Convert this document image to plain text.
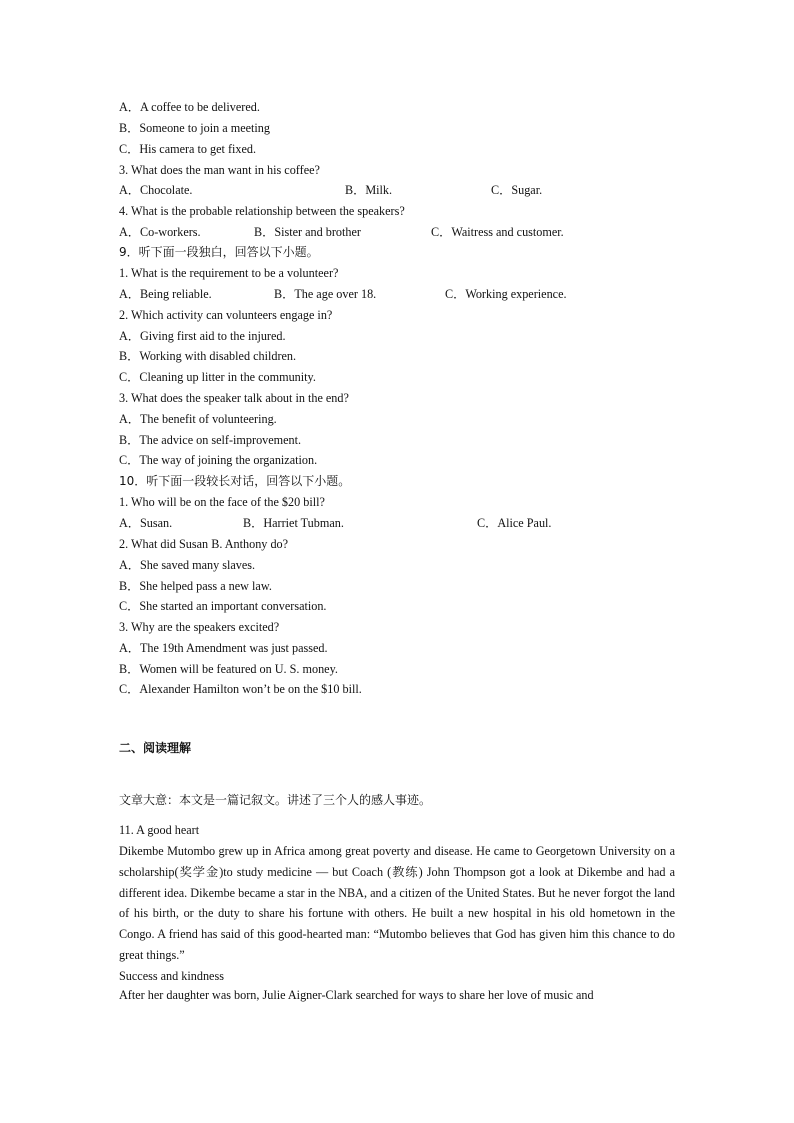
A．A coffee to be delivered.
B．Someone to join a meeting
C．His camera to get fixed.
3. What does the man want in his coffee?
A．Chocolate.	B．Milk.	C．Sugar.
4. What is the probable relationship between the speakers?
A．Co-workers.	B．Sister and brother	C．Waitress and customer.
9．听下面一段独白，回答以下小题。
1. What is the requirement to be a volunteer?
A．Being reliable.	B．The age over 18.	C．Working experience.
2. Which activity can volunteers engage in?
A．Giving first aid to the injured.
B．Working with disabled children.
C．Cleaning up litter in the community.
3. What does the speaker talk about in the end?
A．The benefit of volunteering.
B．The advice on self-improvement.
C．The way of joining the organization.
10．听下面一段较长对话，回答以下小题。
1. Who will be on the face of the $20 bill?
A．Susan.	B．Harriet Tubman.	C．Alice Paul.
2. What did Susan B. Anthony do?
A．She saved many slaves.
B．She helped pass a new law.
C．She started an important conversation.
3. Why are the speakers excited?
A．The 19th Amendment was just passed.
B．Women will be featured on U. S. money.
C．Alexander Hamilton won’t be on the $10 bill.
二、阅读理解
文章大意：本文是一篇记叙文。讲述了三个人的感人事迹。
11. A good heart
Dikembe Mutombo grew up in Africa among great poverty and disease. He came to Georgetown University on a scholarship(奖学金)to study medicine — but Coach (教练) John Thompson got a look at Dikembe and had a different idea. Dikembe became a star in the NBA, and a citizen of the United States. But he never forgot the land of his birth, or the duty to share his fortune with others. He built a new hospital in his old hometown in the Congo. A friend has said of this good-hearted man: “Mutombo believes that God has given him this chance to do great things.”
Success and kindness
After her daughter was born, Julie Aigner-Clark searched for ways to share her love of music and
